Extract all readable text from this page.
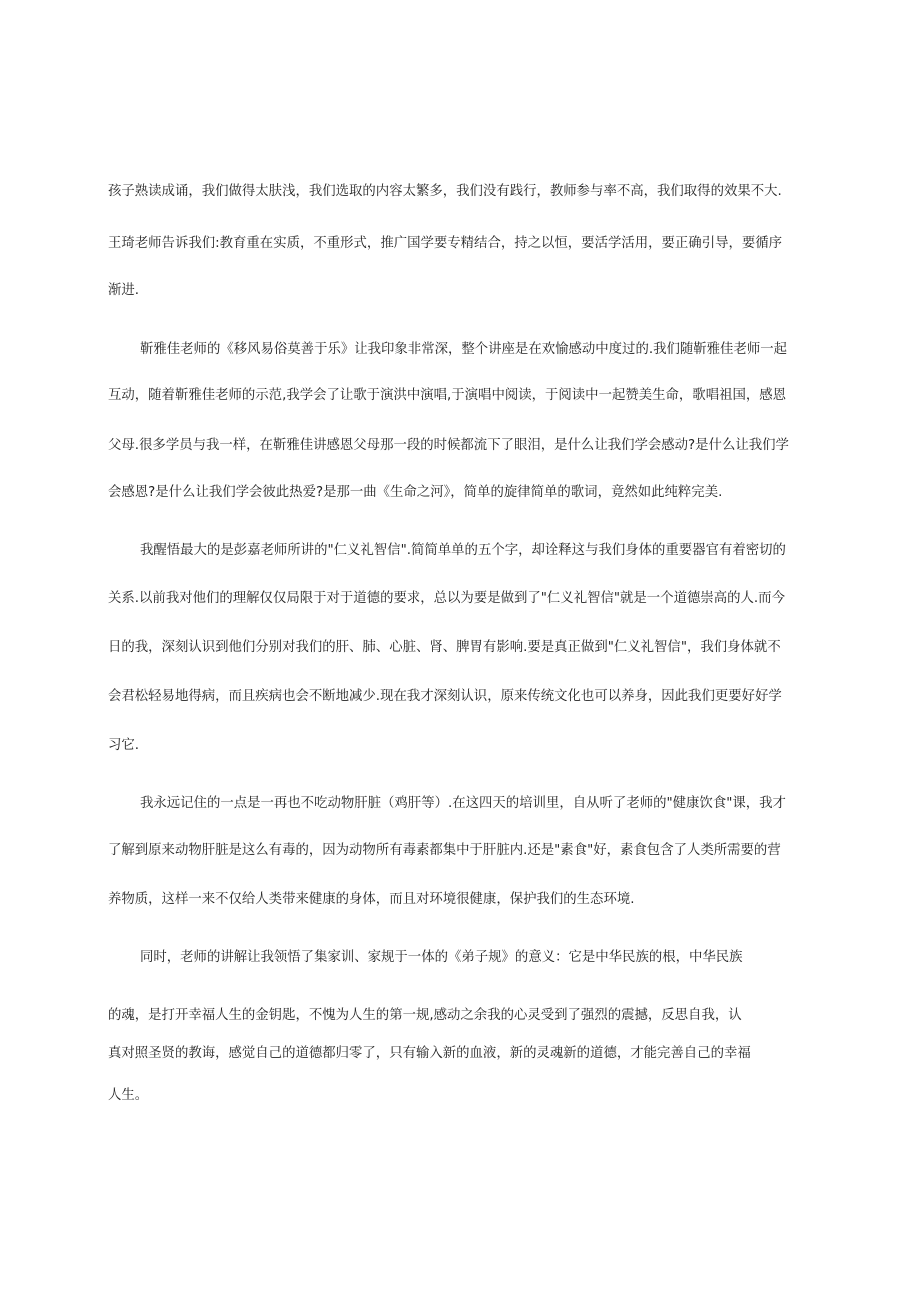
孩子熟读成诵，我们做得太肤浅，我们选取的内容太繁多，我们没有践行，教师参与率不高，我们取得的效果不大.
王琦老师告诉我们:教育重在实质，不重形式，推广国学要专精结合，持之以恒，要活学活用，要正确引导，要循序
渐进.
靳雅佳老师的《移风易俗莫善于乐》让我印象非常深，整个讲座是在欢愉感动中度过的.我们随靳雅佳老师一起
互动，随着靳雅佳老师的示范,我学会了让歌于演洪中演唱,于演唱中阅读，于阅读中一起赞美生命，歌唱祖国，感恩
父母.很多学员与我一样，在靳雅佳讲感恩父母那一段的时候都流下了眼泪，是什么让我们学会感动?是什么让我们学
会感恩?是什么让我们学会彼此热爱?是那一曲《生命之河》，简单的旋律简单的歌词，竟然如此纯粹完美.
我醒悟最大的是彭嘉老师所讲的"仁义礼智信".简简单单的五个字，却诠释这与我们身体的重要器官有着密切的
关系.以前我对他们的理解仅仅局限于对于道德的要求，总以为要是做到了"仁义礼智信"就是一个道德崇高的人.而今
日的我，深刻认识到他们分别对我们的肝、肺、心脏、肾、脾胃有影响.要是真正做到"仁义礼智信"，我们身体就不
会君松轻易地得病，而且疾病也会不断地减少.现在我才深刻认识，原来传统文化也可以养身，因此我们更要好好学
习它.
我永远记住的一点是一再也不吃动物肝脏（鸡肝等）.在这四天的培训里，自从听了老师的"健康饮食"课，我才
了解到原来动物肝脏是这么有毒的，因为动物所有毒素都集中于肝脏内.还是"素食"好，素食包含了人类所需要的营
养物质，这样一来不仅给人类带来健康的身体，而且对环境很健康，保护我们的生态环境.
同时，老师的讲解让我领悟了集家训、家规于一体的《弟子规》的意义：它是中华民族的根，中华民族
的魂，是打开幸福人生的金钥匙，不愧为人生的第一规,感动之余我的心灵受到了强烈的震撼，反思自我，认
真对照圣贤的教诲，感觉自己的道德都归零了，只有输入新的血液，新的灵魂新的道德，才能完善自己的幸福
人生。
